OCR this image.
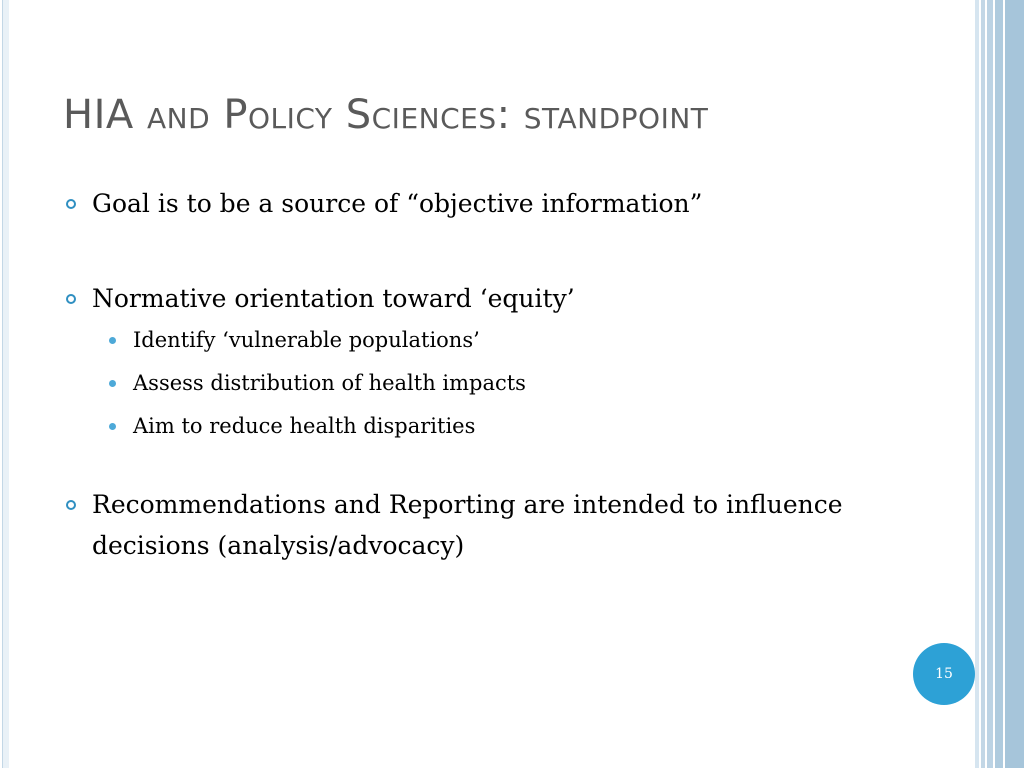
HIA and Policy Sciences: standpoint
Goal is to be a source of “objective information”
Normative orientation toward ‘equity’
Identify ‘vulnerable populations’
Assess distribution of health impacts
Aim to reduce health disparities
Recommendations and Reporting are intended to influence decisions (analysis/advocacy)
15
